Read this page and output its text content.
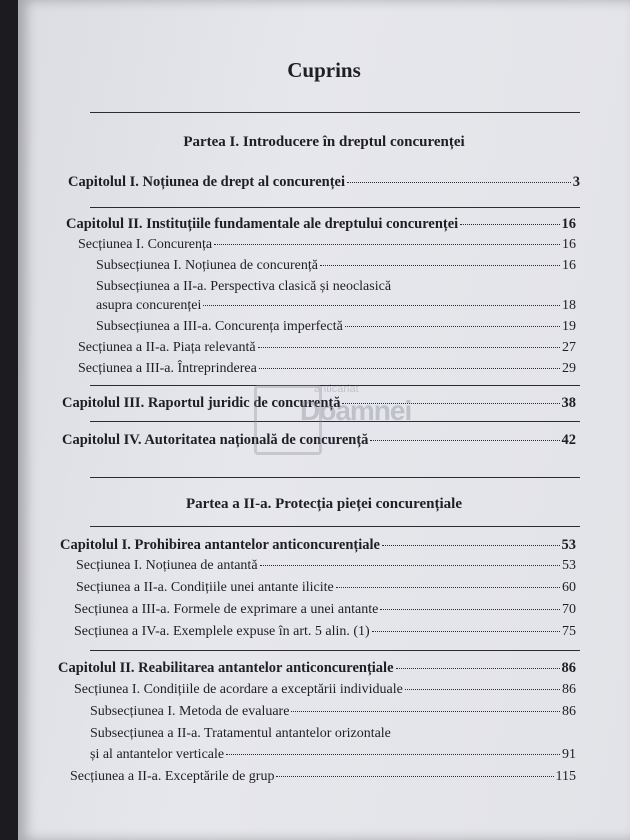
Cuprins
Partea I. Introducere în dreptul concurenței
Capitolul I. Noțiunea de drept al concurenței	3
Capitolul II. Instituțiile fundamentale ale dreptului concurenței	16
Secțiunea I. Concurența	16
Subsecțiunea I. Noțiunea de concurență	16
Subsecțiunea a II-a. Perspectiva clasică și neoclasică
asupra concurenței	18
Subsecțiunea a III-a. Concurența imperfectă	19
Secțiunea a II-a. Piața relevantă	27
Secțiunea a III-a. Întreprinderea	29
Capitolul III. Raportul juridic de concurență	38
Capitolul IV. Autoritatea națională de concurență	42
Partea a II-a. Protecția pieței concurențiale
Capitolul I. Prohibirea antantelor anticoncurențiale	53
Secțiunea I. Noțiunea de antantă	53
Secțiunea a II-a. Condițiile unei antante ilicite	60
Secțiunea a III-a. Formele de exprimare a unei antante	70
Secțiunea a IV-a. Exemplele expuse în art. 5 alin. (1)	75
Capitolul II. Reabilitarea antantelor anticoncurențiale	86
Secțiunea I. Condițiile de acordare a exceptării individuale	86
Subsecțiunea I. Metoda de evaluare	86
Subsecțiunea a II-a. Tratamentul antantelor orizontale
și al antantelor verticale	91
Secțiunea a II-a. Exceptările de grup	115
anticariat
Doamnei
